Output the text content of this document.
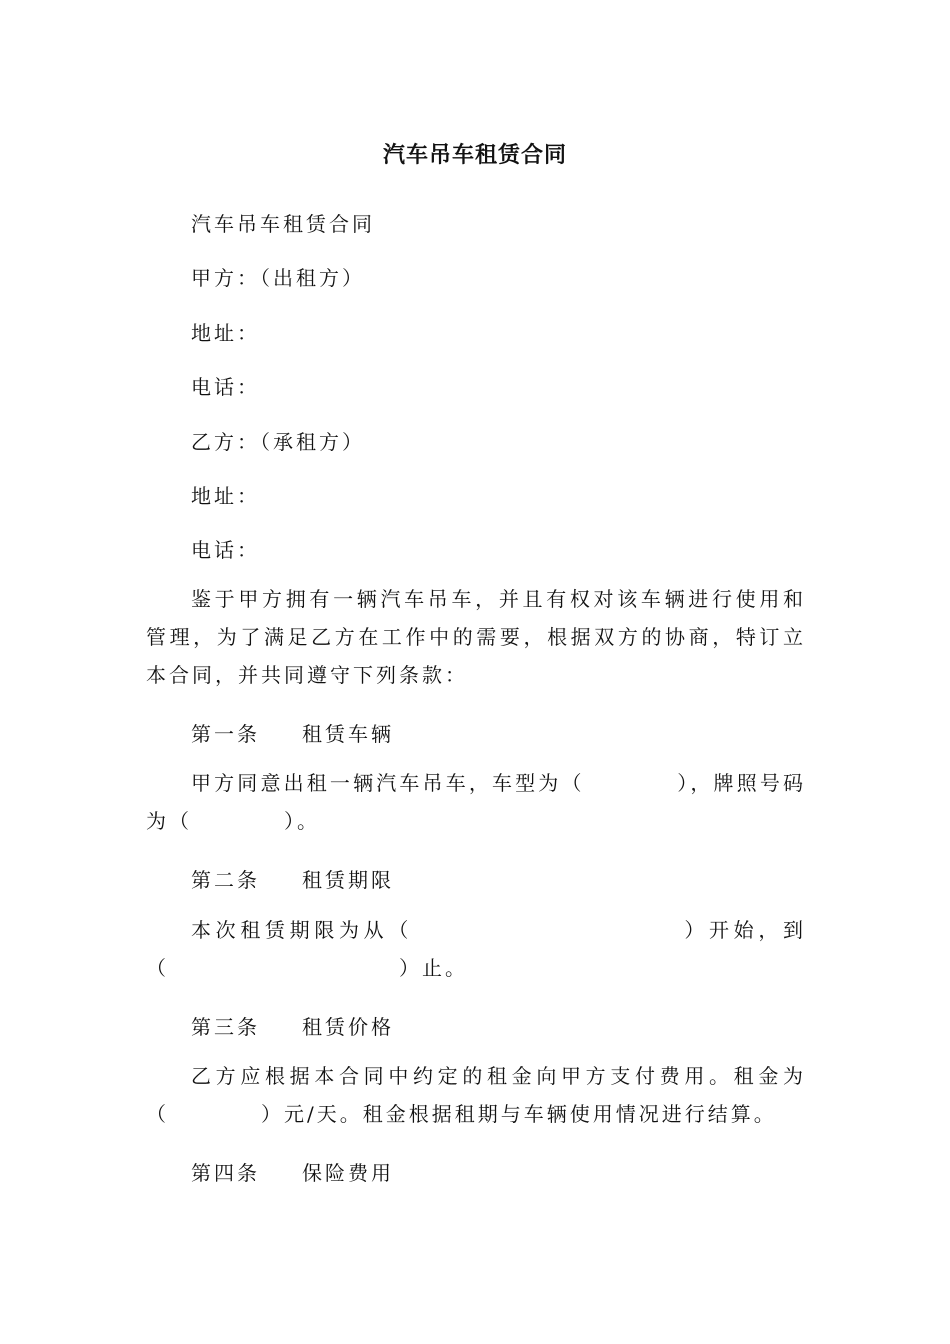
汽车吊车租赁合同
汽车吊车租赁合同
甲方：（出租方）
地址：
电话：
乙方：（承租方）
地址：
电话：
鉴于甲方拥有一辆汽车吊车，并且有权对该车辆进行使用和管理，为了满足乙方在工作中的需要，根据双方的协商，特订立本合同，并共同遵守下列条款：
第一条 租赁车辆
甲方同意出租一辆汽车吊车，车型为（　　　　），牌照号码为（　　　　）。
第二条 租赁期限
本次租赁期限为从（　　　　　　　　　　　）开始，到（　　　　　　　　　　）止。
第三条 租赁价格
乙方应根据本合同中约定的租金向甲方支付费用。租金为（　　　　）元/天。租金根据租期与车辆使用情况进行结算。
第四条 保险费用
